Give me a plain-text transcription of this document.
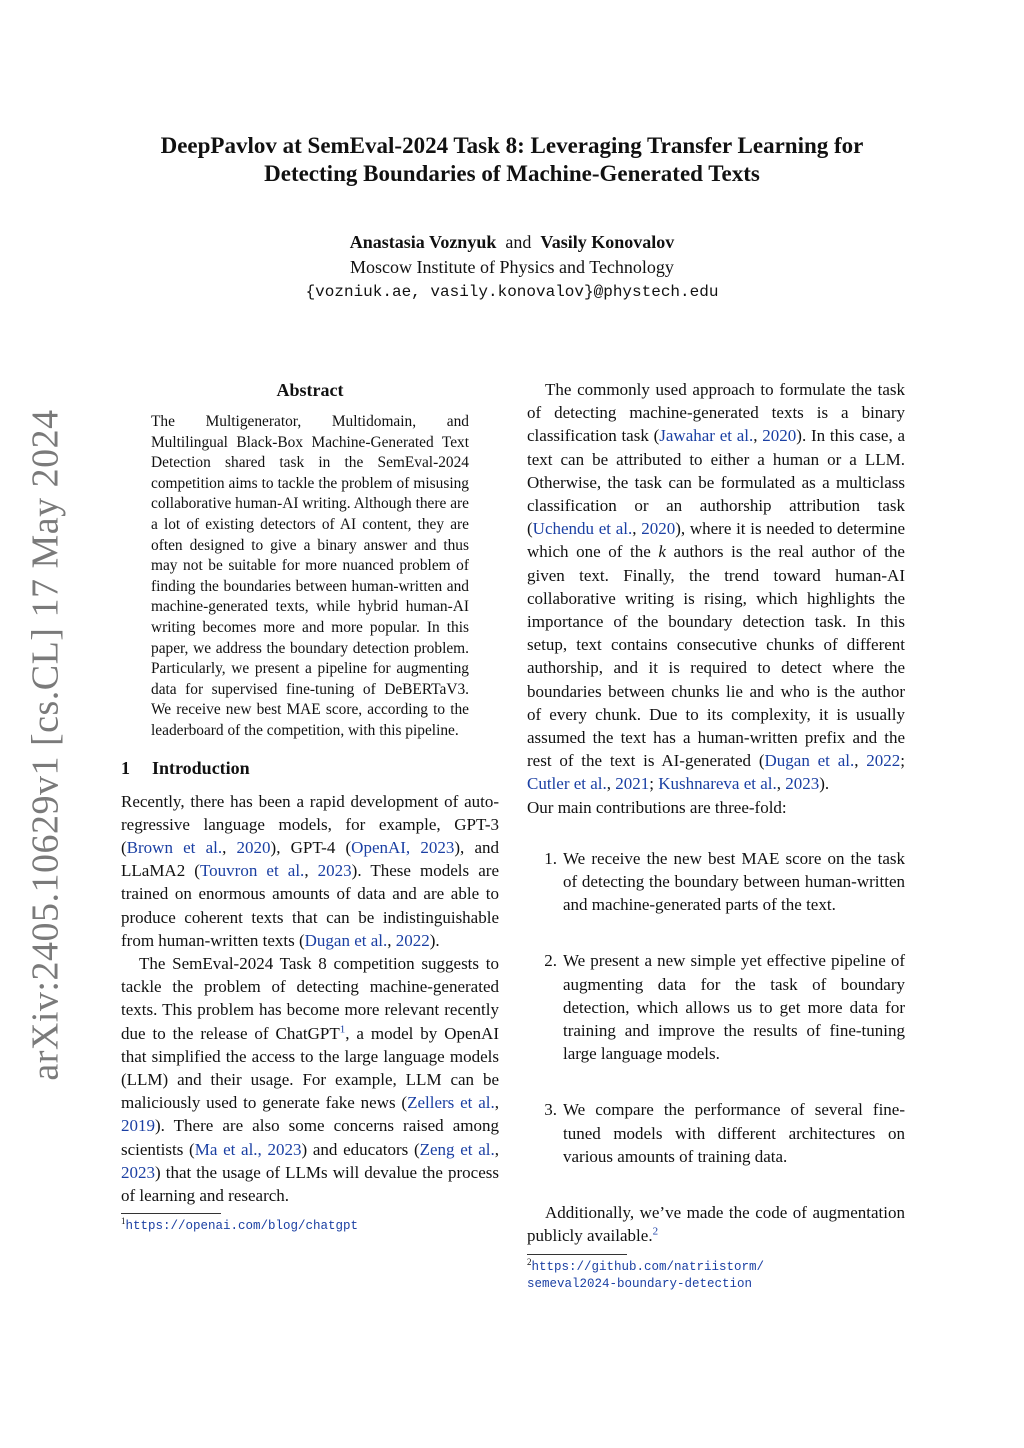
arXiv:2405.10629v1 [cs.CL] 17 May 2024
DeepPavlov at SemEval-2024 Task 8: Leveraging Transfer Learning for
Detecting Boundaries of Machine-Generated Texts
Anastasia Voznyuk and Vasily Konovalov
Moscow Institute of Physics and Technology
{vozniuk.ae, vasily.konovalov}@phystech.edu
Abstract
The Multigenerator, Multidomain, and Multilingual Black-Box Machine-Generated Text Detection shared task in the SemEval-2024 competition aims to tackle the problem of misusing collaborative human-AI writing. Although there are a lot of existing detectors of AI content, they are often designed to give a binary answer and thus may not be suitable for more nuanced problem of finding the boundaries between human-written and machine-generated texts, while hybrid human-AI writing becomes more and more popular. In this paper, we address the boundary detection problem. Particularly, we present a pipeline for augmenting data for supervised fine-tuning of DeBERTaV3. We receive new best MAE score, according to the leaderboard of the competition, with this pipeline.
1 Introduction

Recently, there has been a rapid development of auto-regressive language models, for example, GPT-3 (Brown et al., 2020), GPT-4 (OpenAI, 2023), and LLaMA2 (Touvron et al., 2023). These models are trained on enormous amounts of data and are able to produce coherent texts that can be indistinguishable from human-written texts (Dugan et al., 2022).

The SemEval-2024 Task 8 competition suggests to tackle the problem of detecting machine-generated texts. This problem has become more relevant recently due to the release of ChatGPT$^1$, a model by OpenAI that simplified the access to the large language models (LLM) and their usage. For example, LLM can be maliciously used to generate fake news (Zellers et al., 2019). There are also some concerns raised among scientists (Ma et al., 2023) and educators (Zeng et al., 2023) that the usage of LLMs will devalue the process of learning and research.

$^1$https://openai.com/blog/chatgpt

The commonly used approach to formulate the task of detecting machine-generated texts is a binary classification task (Jawahar et al., 2020). In this case, a text can be attributed to either a human or a LLM. Otherwise, the task can be formulated as a multiclass classification or an authorship attribution task (Uchendu et al., 2020), where it is needed to determine which one of the k authors is the real author of the given text. Finally, the trend toward human-AI collaborative writing is rising, which highlights the importance of the boundary detection task. In this setup, text contains consecutive chunks of different authorship, and it is required to detect where the boundaries between chunks lie and who is the author of every chunk. Due to its complexity, it is usually assumed the text has a human-written prefix and the rest of the text is AI-generated (Dugan et al., 2022; Cutler et al., 2021; Kushnareva et al., 2023).

Our main contributions are three-fold:

1. We receive the new best MAE score on the task of detecting the boundary between human-written and machine-generated parts of the text.
2. We present a new simple yet effective pipeline of augmenting data for the task of boundary detection, which allows us to get more data for training and improve the results of fine-tuning large language models.
3. We compare the performance of several fine-tuned models with different architectures on various amounts of training data.

Additionally, we’ve made the code of augmentation publicly available.$^2$

$^2$https://github.com/natriistorm/
semeval2024-boundary-detection
